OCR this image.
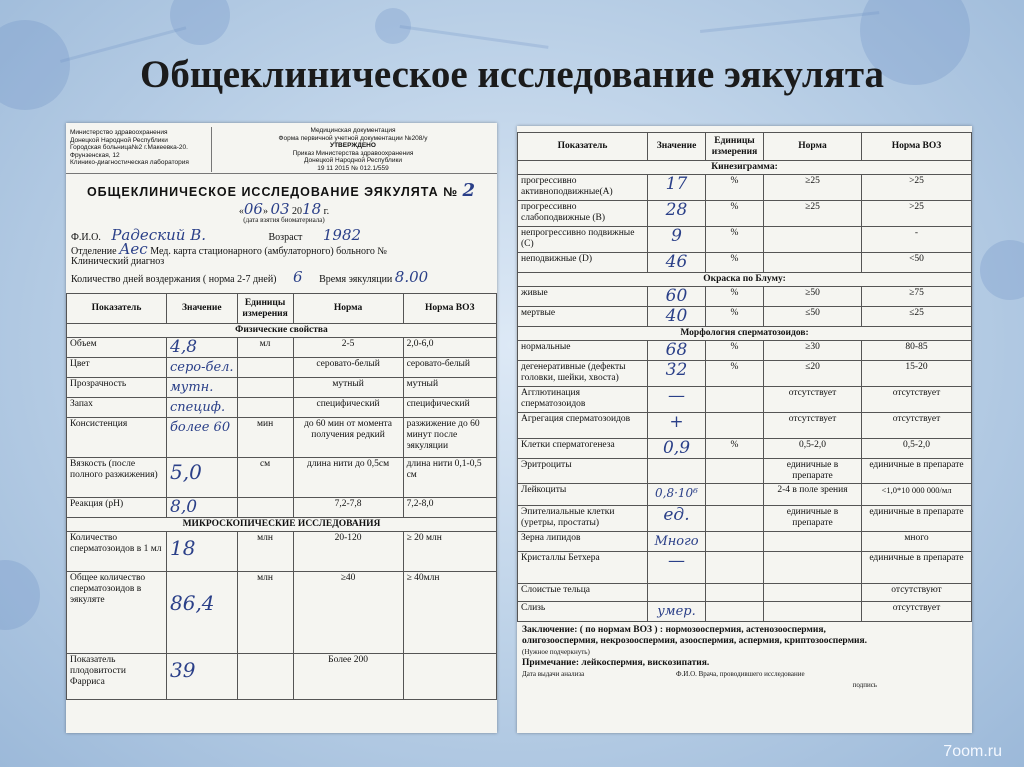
Общеклиническое исследование эякулята
Министерство здравоохранения
Донецкой Народной Республики
Городская больница№2 г.Макеевка-20.
Фрунзенская, 12
Клинико-диагностическая лаборатория
Медицинская документация
Форма первичной учетной документации №208/у
УТВЕРЖДЕНО
Приказ Министерства здравоохранения
Донецкой Народной Республики
19 11 2015 № 012.1/559
ОБЩЕКЛИНИЧЕСКОЕ ИССЛЕДОВАНИЕ ЭЯКУЛЯТА № 2
«06» 03 2018 г.
(дата взятия биоматериала)
Ф.И.О. Радеский В.	Возраст 1982
Отделение Аес Мед. карта стационарного (амбулаторного) больного №
Клинический диагноз
Количество дней воздержания ( норма 2-7 дней) 6 Время эякуляции 8.00
Показатель	Значение	Единицы измерения	Норма	Норма ВОЗ
Физические свойства				
Объем	4,8	мл	2-5	2,0-6,0
Цвет	серо-бел.		серовато-белый	серовато-белый
Прозрачность	мутн.		мутный	мутный
Запах	специф.		специфический	специфический
Консистенция	более 60	мин	до 60 мин от момента получения редкий	разжижение до 60 минут после эякуляции
Вязкость (после полного разжижения)	5,0	см	длина нити до 0,5см	длина нити 0,1-0,5 см
Реакция (pH)	8,0		7,2-7,8	7,2-8,0
МИКРОСКОПИЧЕСКИЕ ИССЛЕДОВАНИЯ				
Количество сперматозоидов в 1 мл	18	млн	20-120	≥ 20 млн
Общее количество сперматозоидов в эякуляте	86,4	млн	≥40	≥ 40млн
Показатель плодовитости Фарриса	39		Более 200	
Показатель	Значение	Единицы измерения	Норма	Норма ВОЗ
Кинезиграмма:				
прогрессивно активноподвижные(А)	17	%	≥25	>25
прогрессивно слабоподвижные (В)	28	%	≥25	>25
непрогрессивно подвижные (С)	9	%		-
неподвижные (D)	46	%		<50
Окраска по Блуму:				
живые	60	%	≥50	≥75
мертвые	40	%	≤50	≤25
Морфология сперматозоидов:				
нормальные	68	%	≥30	80-85
дегенеративные (дефекты головки, шейки, хвоста)	32	%	≤20	15-20
Агглютинация сперматозоидов	—		отсутствует	отсутствует
Агрегация сперматозоидов	+		отсутствует	отсутствует
Клетки сперматогенеза	0,9	%	0,5-2,0	0,5-2,0
Эритроциты			единичные в препарате	единичные в препарате
Лейкоциты	0,8·10⁶		2-4 в поле зрения	<1,0*10 000 000/мл
Эпителиальные клетки (уретры, простаты)	ед.		единичные в препарате	единичные в препарате
Зерна липидов	Много			много
Кристаллы Бетхера	—			единичные в препарате
Слоистые тельца				отсутствуют
Слизь	умер.			отсутствует
Заключение: ( по нормам ВОЗ ) : нормозооспермия, астенозооспермия,
олигозооспермия, некрозооспермия, азооспермия, аспермия, криптозооспермия.
(Нужное подчеркнуть)
Примечание: лейкоспермия, вискозипатия.
Дата выдачи анализа	Ф.И.О. Врача, проводившего исследование
подпись
7oom.ru
